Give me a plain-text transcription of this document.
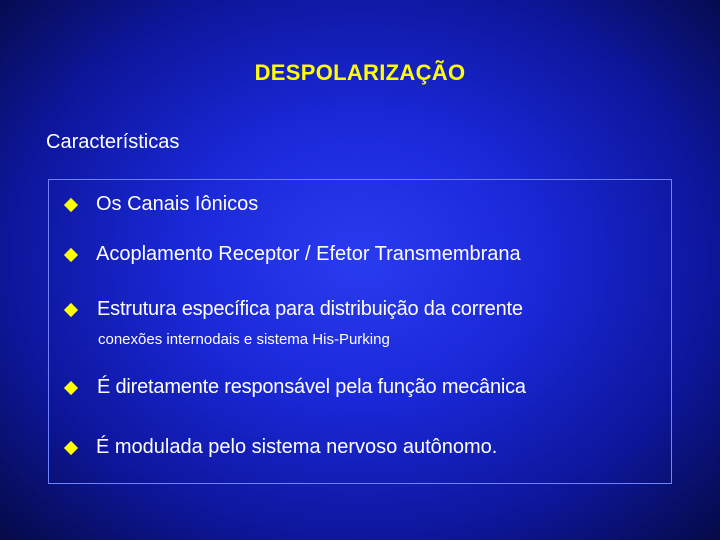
DESPOLARIZAÇÃO
Características
Os Canais Iônicos
Acoplamento Receptor / Efetor Transmembrana
Estrutura específica para distribuição da corrente
conexões internodais e sistema His-Purking
É diretamente responsável pela função mecânica
É modulada pelo sistema nervoso autônomo.
